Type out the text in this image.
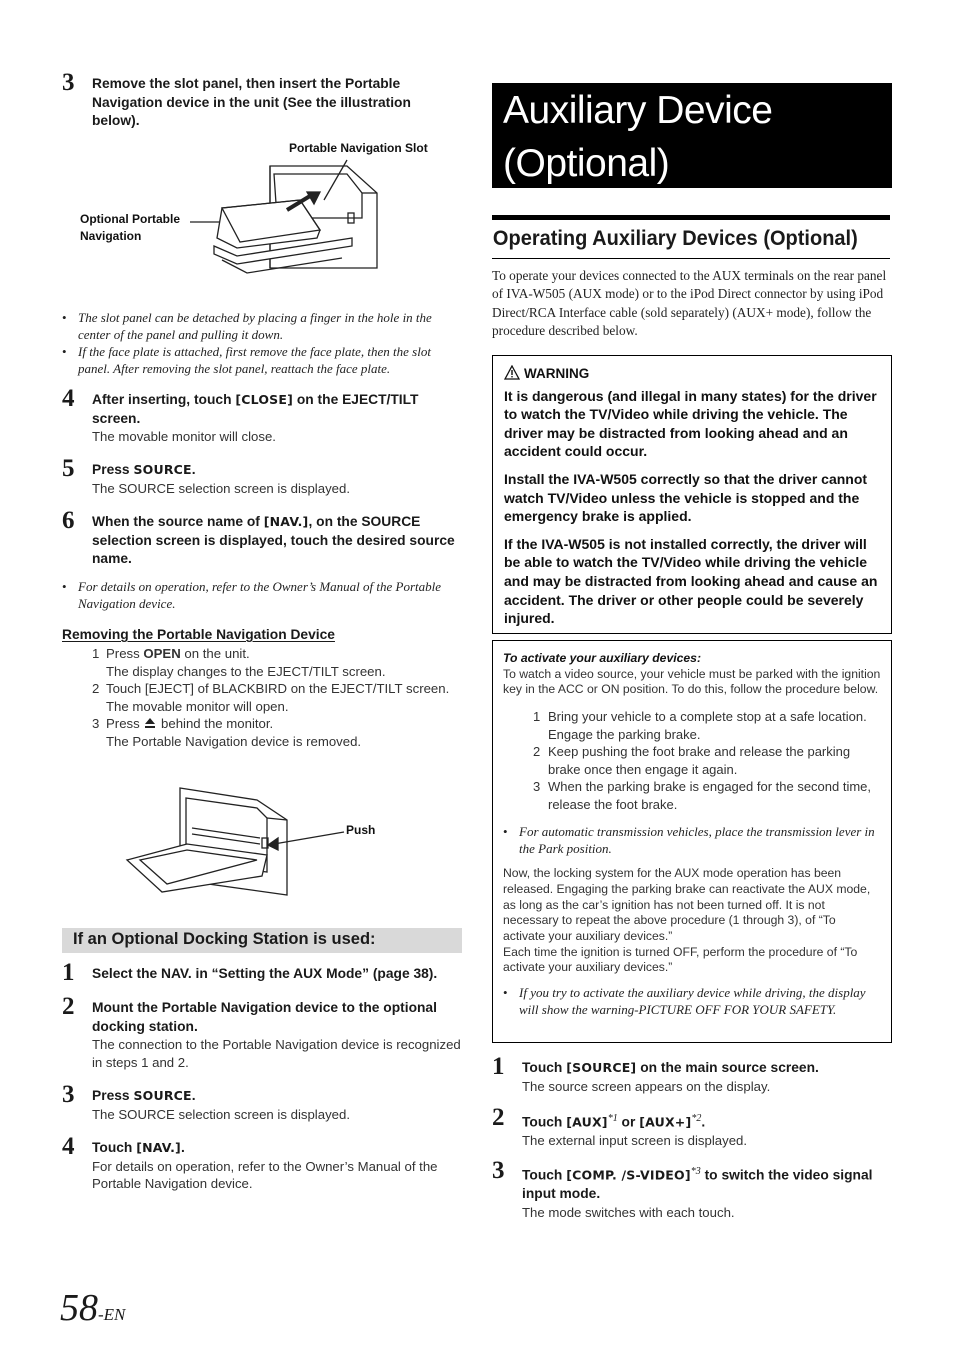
3 Remove the slot panel, then insert the Portable Navigation device in the unit (See the illustration below).
Portable Navigation Slot
Optional Portable
Navigation

• The slot panel can be detached by placing a finger in the hole in the center of the panel and pulling it down.

• If the face plate is attached, first remove the face plate, then the slot panel. After removing the slot panel, reattach the face plate.

4 After inserting, touch [CLOSE] on the EJECT/TILT screen.
The movable monitor will close.
5 Press SOURCE.
The SOURCE selection screen is displayed.
6 When the source name of [NAV.], on the SOURCE selection screen is displayed, touch the desired source name.

• For details on operation, refer to the Owner’s Manual of the Portable Navigation device.

Removing the Portable Navigation Device
1 Press OPEN on the unit.
The display changes to the EJECT/TILT screen.
2 Touch [EJECT] of BLACKBIRD on the EJECT/TILT screen.
The movable monitor will open.
3 Press  behind the monitor.
The Portable Navigation device is removed.
Push
If an Optional Docking Station is used:
1 Select the NAV. in “Setting the AUX Mode” (page 38).
2 Mount the Portable Navigation device to the optional docking station.
The connection to the Portable Navigation device is recognized in steps 1 and 2.
3 Press SOURCE.
The SOURCE selection screen is displayed.
4 Touch [NAV.].
For details on operation, refer to the Owner’s Manual of the Portable Navigation device.
Auxiliary Device
(Optional)
Operating Auxiliary Devices (Optional)
To operate your devices connected to the AUX terminals on the rear panel of IVA-W505 (AUX mode) or to the iPod Direct connector by using iPod Direct/RCA Interface cable (sold separately) (AUX+ mode), follow the procedure described below.

WARNING

It is dangerous (and illegal in many states) for the driver to watch the TV/Video while driving the vehicle. The driver may be distracted from looking ahead and an accident could occur.

Install the IVA-W505 correctly so that the driver cannot watch TV/Video unless the vehicle is stopped and the emergency brake is applied.

If the IVA-W505 is not installed correctly, the driver will be able to watch the TV/Video while driving the vehicle and may be distracted from looking ahead and cause an accident. The driver or other people could be severely injured.

To activate your auxiliary devices:
To watch a video source, your vehicle must be parked with the ignition key in the ACC or ON position. To do this, follow the procedure below.
1 Bring your vehicle to a complete stop at a safe location. Engage the parking brake.
2 Keep pushing the foot brake and release the parking brake once then engage it again.
3 When the parking brake is engaged for the second time, release the foot brake.

• For automatic transmission vehicles, place the transmission lever in the Park position.

Now, the locking system for the AUX mode operation has been released. Engaging the parking brake can reactivate the AUX mode, as long as the car’s ignition has not been turned off. It is not necessary to repeat the above procedure (1 through 3), of “To activate your auxiliary devices.”
Each time the ignition is turned OFF, perform the procedure of “To activate your auxiliary devices.”

• If you try to activate the auxiliary device while driving, the display will show the warning-PICTURE OFF FOR YOUR SAFETY.

1 Touch [SOURCE] on the main source screen.
The source screen appears on the display.
2 Touch [AUX]$^{*1}$ or $[AUX+]^{*2}$.
The external input screen is displayed.
3 Touch [COMP. /S-VIDEO]$^{*3}$ to switch the video signal input mode.
The mode switches with each touch.
58-EN
